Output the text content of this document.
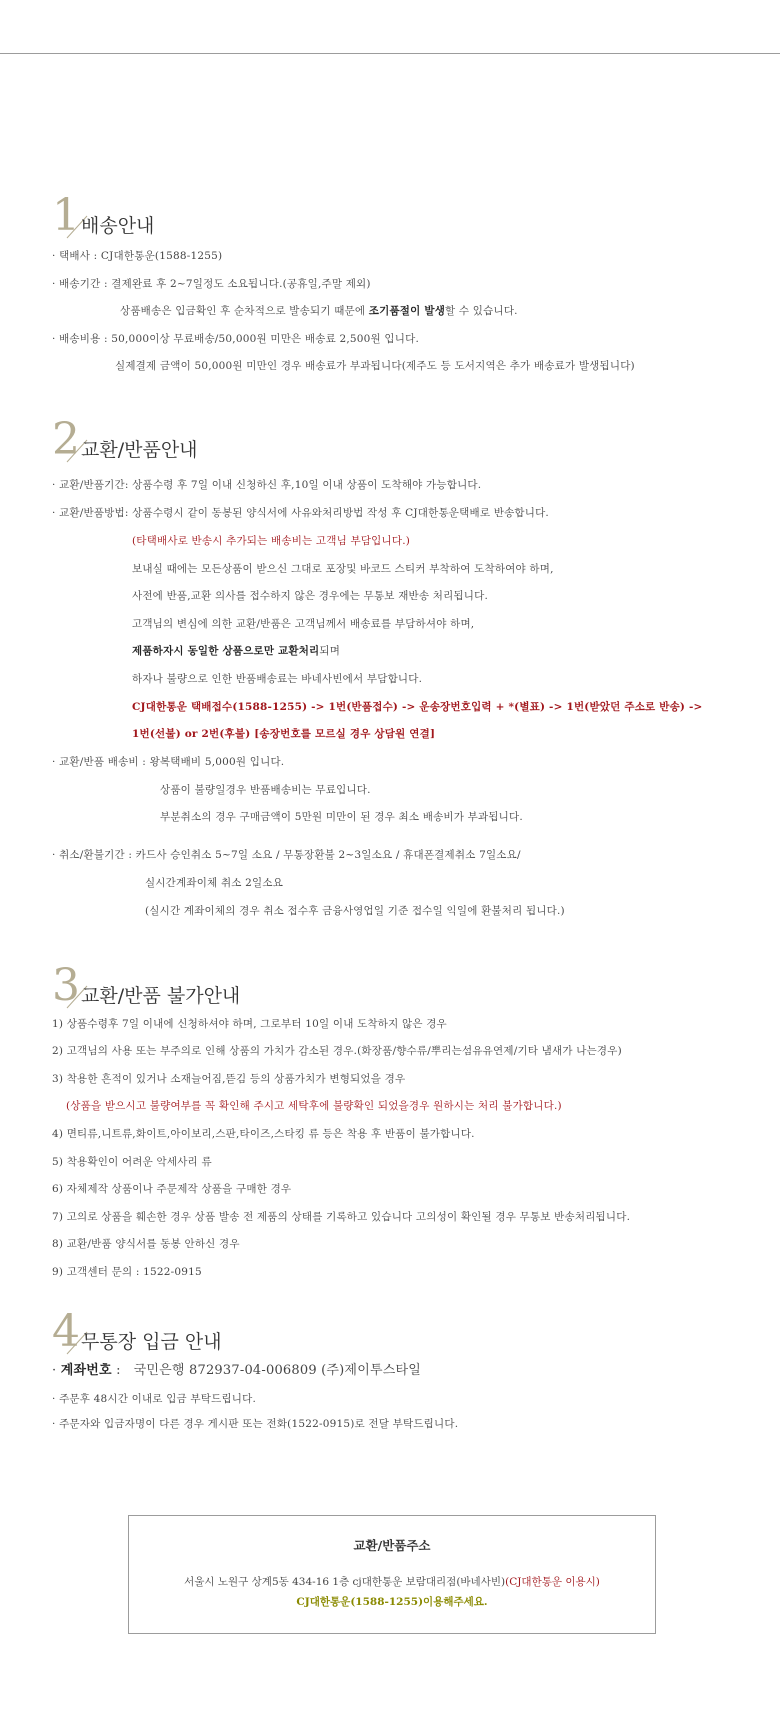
1 배송안내
· 택배사 : CJ대한통운(1588-1255)
· 배송기간 : 결제완료 후 2~7일정도 소요됩니다.(공휴일,주말 제외)
상품배송은 입금확인 후 순차적으로 발송되기 때문에 조기품절이 발생할 수 있습니다.
· 배송비용 : 50,000이상 무료배송/50,000원 미만은 배송료 2,500원 입니다.
실제결제 금액이 50,000원 미만인 경우 배송료가 부과됩니다(제주도 등 도서지역은 추가 배송료가 발생됩니다)
2 교환/반품안내
· 교환/반품기간: 상품수령 후 7일 이내 신청하신 후,10일 이내 상품이 도착해야 가능합니다.
· 교환/반품방법: 상품수령시 같이 동봉된 양식서에 사유와처리방법 작성 후 CJ대한통운택배로 반송합니다.
(타택배사로 반송시 추가되는 배송비는 고객님 부담입니다.)
보내실 때에는 모든상품이 받으신 그대로 포장및 바코드 스티커 부착하여 도착하여야 하며,
사전에 반품,교환 의사를 접수하지 않은 경우에는 무통보 재반송 처리됩니다.
고객님의 변심에 의한 교환/반품은 고객님께서 배송료를 부담하셔야 하며,
제품하자시 동일한 상품으로만 교환처리되며
하자나 불량으로 인한 반품배송료는 바네사빈에서 부담합니다.
CJ대한통운 택배접수(1588-1255) -> 1번(반품접수) -> 운송장번호입력 + *(별표) -> 1번(받았던 주소로 반송) ->
1번(선불) or 2번(후불) [송장번호를 모르실 경우 상담원 연결]
· 교환/반품 배송비 : 왕복택배비 5,000원 입니다.
상품이 불량일경우 반품배송비는 무료입니다.
부분취소의 경우 구매금액이 5만원 미만이 된 경우 최소 배송비가 부과됩니다.
· 취소/환불기간 : 카드사 승인취소 5~7일 소요 / 무통장환불 2~3일소요 / 휴대폰결제취소 7일소요/
실시간계좌이체 취소 2일소요
(실시간 계좌이체의 경우 취소 접수후 금융사영업일 기준 접수일 익일에 환불처리 됩니다.)
3 교환/반품 불가안내
1) 상품수령후 7일 이내에 신청하셔야 하며, 그로부터 10일 이내 도착하지 않은 경우
2) 고객님의 사용 또는 부주의로 인해 상품의 가치가 감소된 경우.(화장품/향수류/뿌리는섬유유연제/기타 냄새가 나는경우)
3) 착용한 흔적이 있거나 소재늘어짐,뜯김 등의 상품가치가 변형되었을 경우
(상품을 받으시고 불량여부를 꼭 확인해 주시고 세탁후에 불량확인 되었을경우 원하시는 처리 불가합니다.)
4) 면티류,니트류,화이트,아이보리,스판,타이즈,스타킹 류 등은 착용 후 반품이 불가합니다.
5) 착용확인이 어려운 악세사리 류
6) 자체제작 상품이나 주문제작 상품을 구매한 경우
7) 고의로 상품을 훼손한 경우 상품 발송 전 제품의 상태를 기록하고 있습니다 고의성이 확인될 경우 무통보 반송처리됩니다.
8) 교환/반품 양식서를 동봉 안하신 경우
9) 고객센터 문의 : 1522-0915
4 무통장 입금 안내
· 계좌번호 : 국민은행 872937-04-006809 (주)제이투스타일
· 주문후 48시간 이내로 입금 부탁드립니다.
· 주문자와 입금자명이 다른 경우 게시판 또는 전화(1522-0915)로 전달 부탁드립니다.
교환/반품주소
서울시 노원구 상계5동 434-16 1층 cj대한통운 보람대리점(바네사빈)(CJ대한통운 이용시)
CJ대한통운(1588-1255)이용해주세요.
